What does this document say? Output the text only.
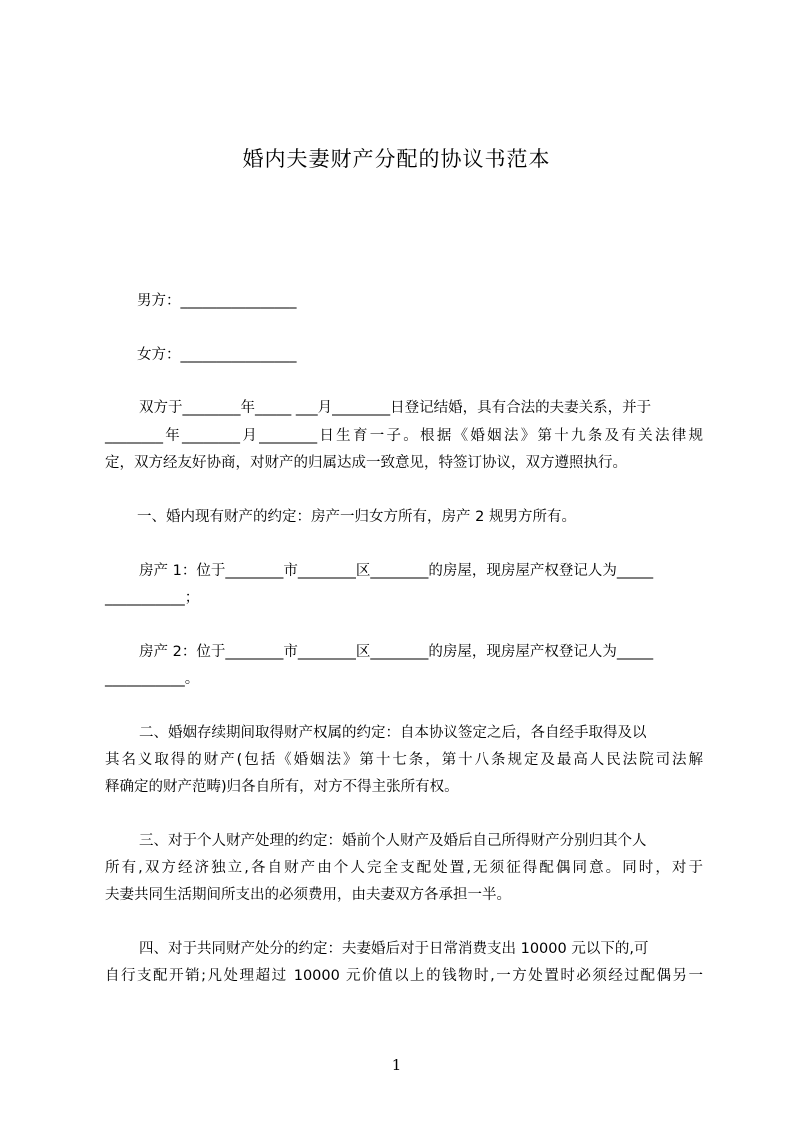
婚内夫妻财产分配的协议书范本
男方：________________
女方：________________
双方于________年_____ ___月________日登记结婚，具有合法的夫妻关系，并于
________年________月________日生育一子。根据《婚姻法》第十九条及有关法律规
定，双方经友好协商，对财产的归属达成一致意见，特签订协议，双方遵照执行。
一、婚内现有财产的约定：房产一归女方所有，房产 2 规男方所有。
房产 1：位于________市________区________的房屋，现房屋产权登记人为_____
___________；
房产 2：位于________市________区________的房屋，现房屋产权登记人为_____
___________。
二、婚姻存续期间取得财产权属的约定：自本协议签定之后，各自经手取得及以
其名义取得的财产(包括《婚姻法》第十七条，第十八条规定及最高人民法院司法解
释确定的财产范畴)归各自所有，对方不得主张所有权。
三、对于个人财产处理的约定：婚前个人财产及婚后自己所得财产分别归其个人
所有,双方经济独立,各自财产由个人完全支配处置,无须征得配偶同意。同时，对于
夫妻共同生活期间所支出的必须费用，由夫妻双方各承担一半。
四、对于共同财产处分的约定：夫妻婚后对于日常消费支出 10000 元以下的,可
自行支配开销;凡处理超过 10000 元价值以上的钱物时,一方处置时必须经过配偶另一
1
